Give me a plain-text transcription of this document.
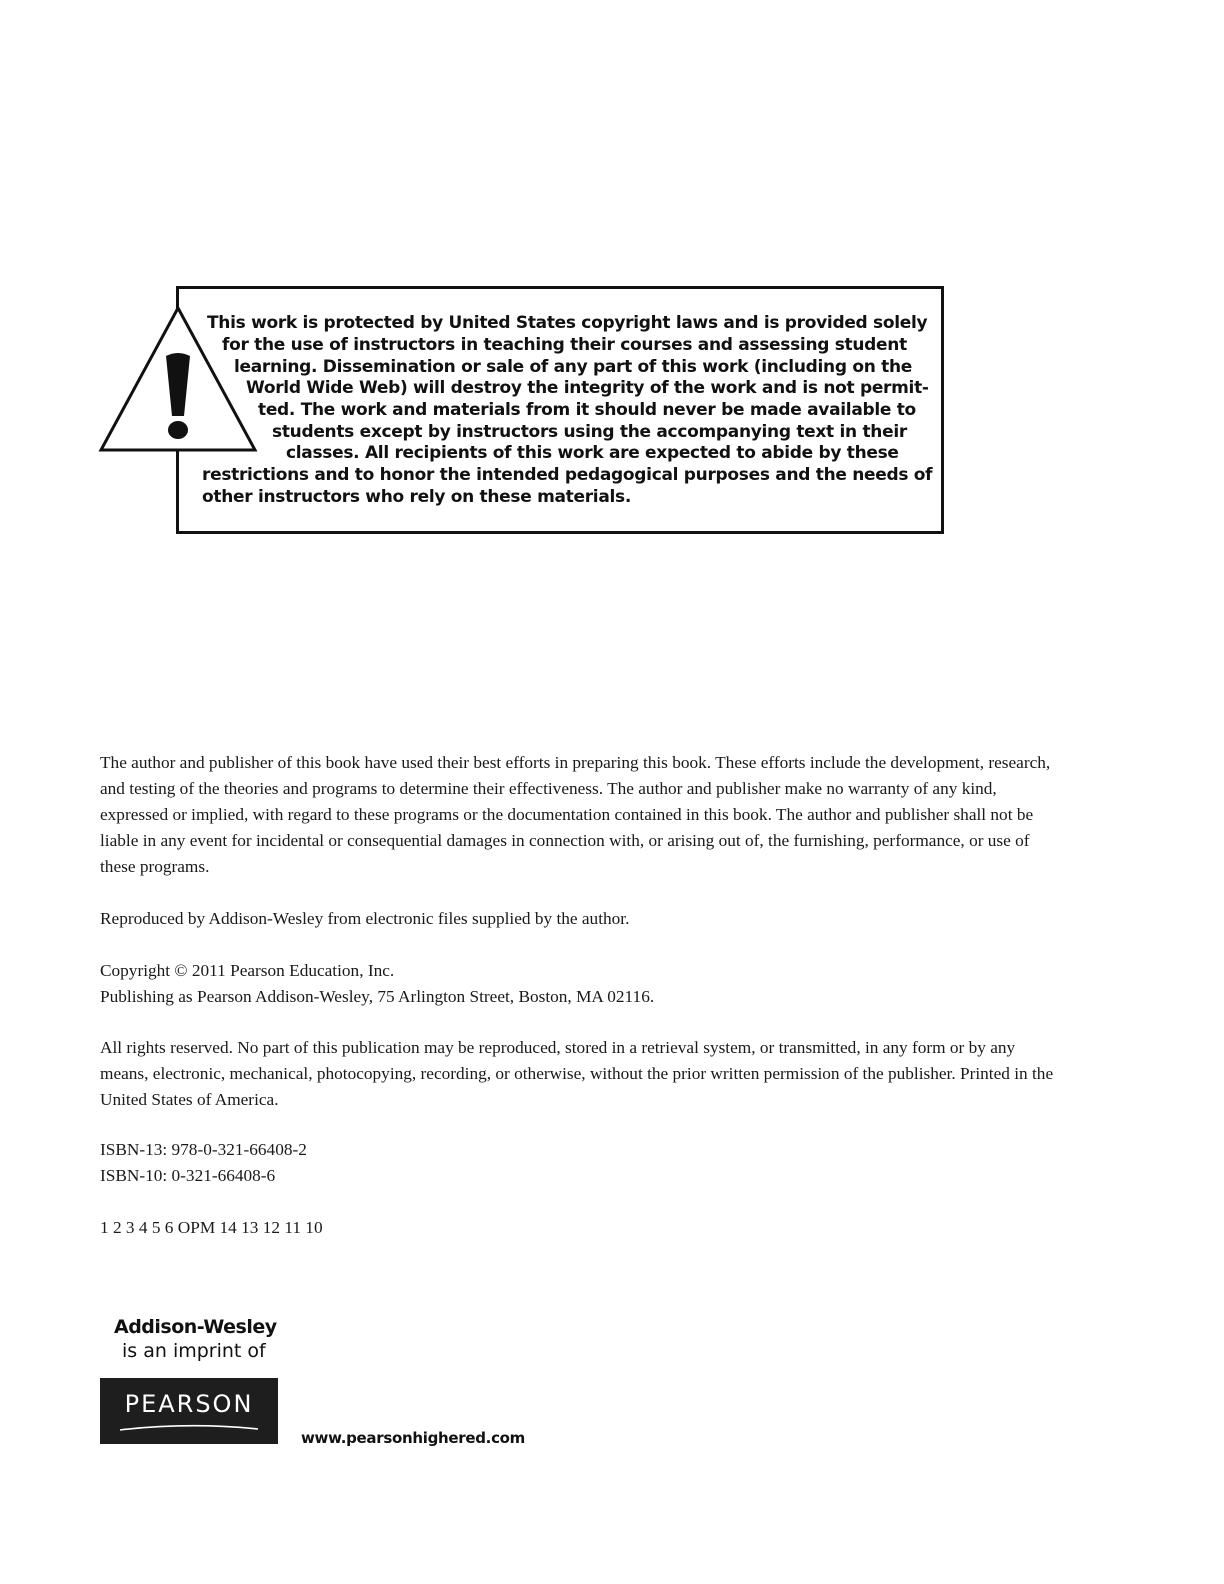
This work is protected by United States copyright laws and is provided solely
for the use of instructors in teaching their courses and assessing student
learning. Dissemination or sale of any part of this work (including on the
World Wide Web) will destroy the integrity of the work and is not permit-
ted. The work and materials from it should never be made available to
students except by instructors using the accompanying text in their
classes. All recipients of this work are expected to abide by these
restrictions and to honor the intended pedagogical purposes and the needs of
other instructors who rely on these materials.

The author and publisher of this book have used their best efforts in preparing this book. These efforts include the development, research, and testing of the theories and programs to determine their effectiveness. The author and publisher make no warranty of any kind, expressed or implied, with regard to these programs or the documentation contained in this book. The author and publisher shall not be liable in any event for incidental or consequential damages in connection with, or arising out of, the furnishing, performance, or use of these programs.

Reproduced by Addison-Wesley from electronic files supplied by the author.

Copyright © 2011 Pearson Education, Inc.
Publishing as Pearson Addison-Wesley, 75 Arlington Street, Boston, MA 02116.

All rights reserved. No part of this publication may be reproduced, stored in a retrieval system, or transmitted, in any form or by any means, electronic, mechanical, photocopying, recording, or otherwise, without the prior written permission of the publisher. Printed in the United States of America.

ISBN-13: 978-0-321-66408-2
ISBN-10: 0-321-66408-6

1 2 3 4 5 6 OPM 14 13 12 11 10

Addison-Wesley
is an imprint of
PEARSON
www.pearsonhighered.com
